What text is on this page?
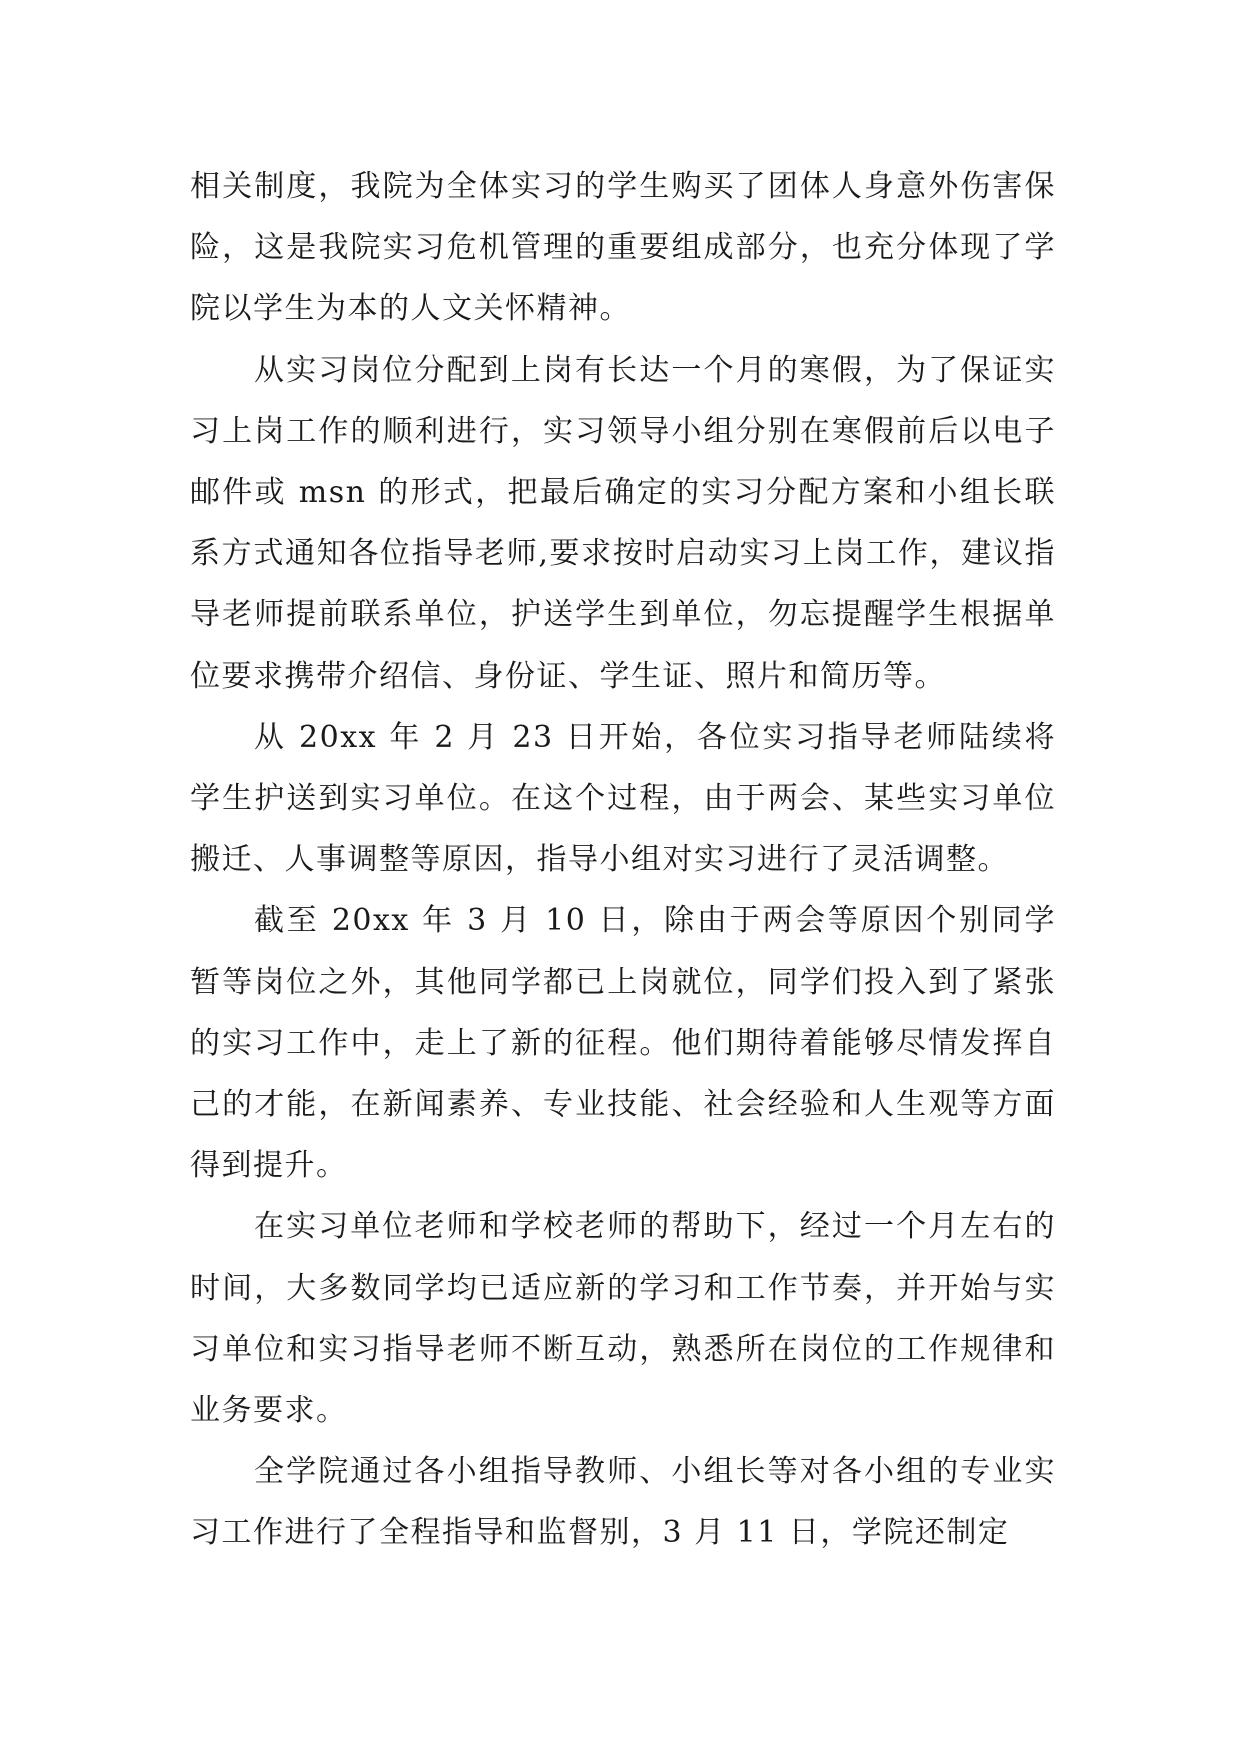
相关制度，我院为全体实习的学生购买了团体人身意外伤害保险，这是我院实习危机管理的重要组成部分，也充分体现了学院以学生为本的人文关怀精神。

从实习岗位分配到上岗有长达一个月的寒假，为了保证实习上岗工作的顺利进行，实习领导小组分别在寒假前后以电子邮件或 msn 的形式，把最后确定的实习分配方案和小组长联系方式通知各位指导老师,要求按时启动实习上岗工作，建议指导老师提前联系单位，护送学生到单位，勿忘提醒学生根据单位要求携带介绍信、身份证、学生证、照片和简历等。

从 20xx 年 2 月 23 日开始，各位实习指导老师陆续将学生护送到实习单位。在这个过程，由于两会、某些实习单位搬迁、人事调整等原因，指导小组对实习进行了灵活调整。

截至 20xx 年 3 月 10 日，除由于两会等原因个别同学暂等岗位之外，其他同学都已上岗就位，同学们投入到了紧张的实习工作中，走上了新的征程。他们期待着能够尽情发挥自己的才能，在新闻素养、专业技能、社会经验和人生观等方面得到提升。

在实习单位老师和学校老师的帮助下，经过一个月左右的时间，大多数同学均已适应新的学习和工作节奏，并开始与实习单位和实习指导老师不断互动，熟悉所在岗位的工作规律和业务要求。

全学院通过各小组指导教师、小组长等对各小组的专业实习工作进行了全程指导和监督别，3 月 11 日，学院还制定
